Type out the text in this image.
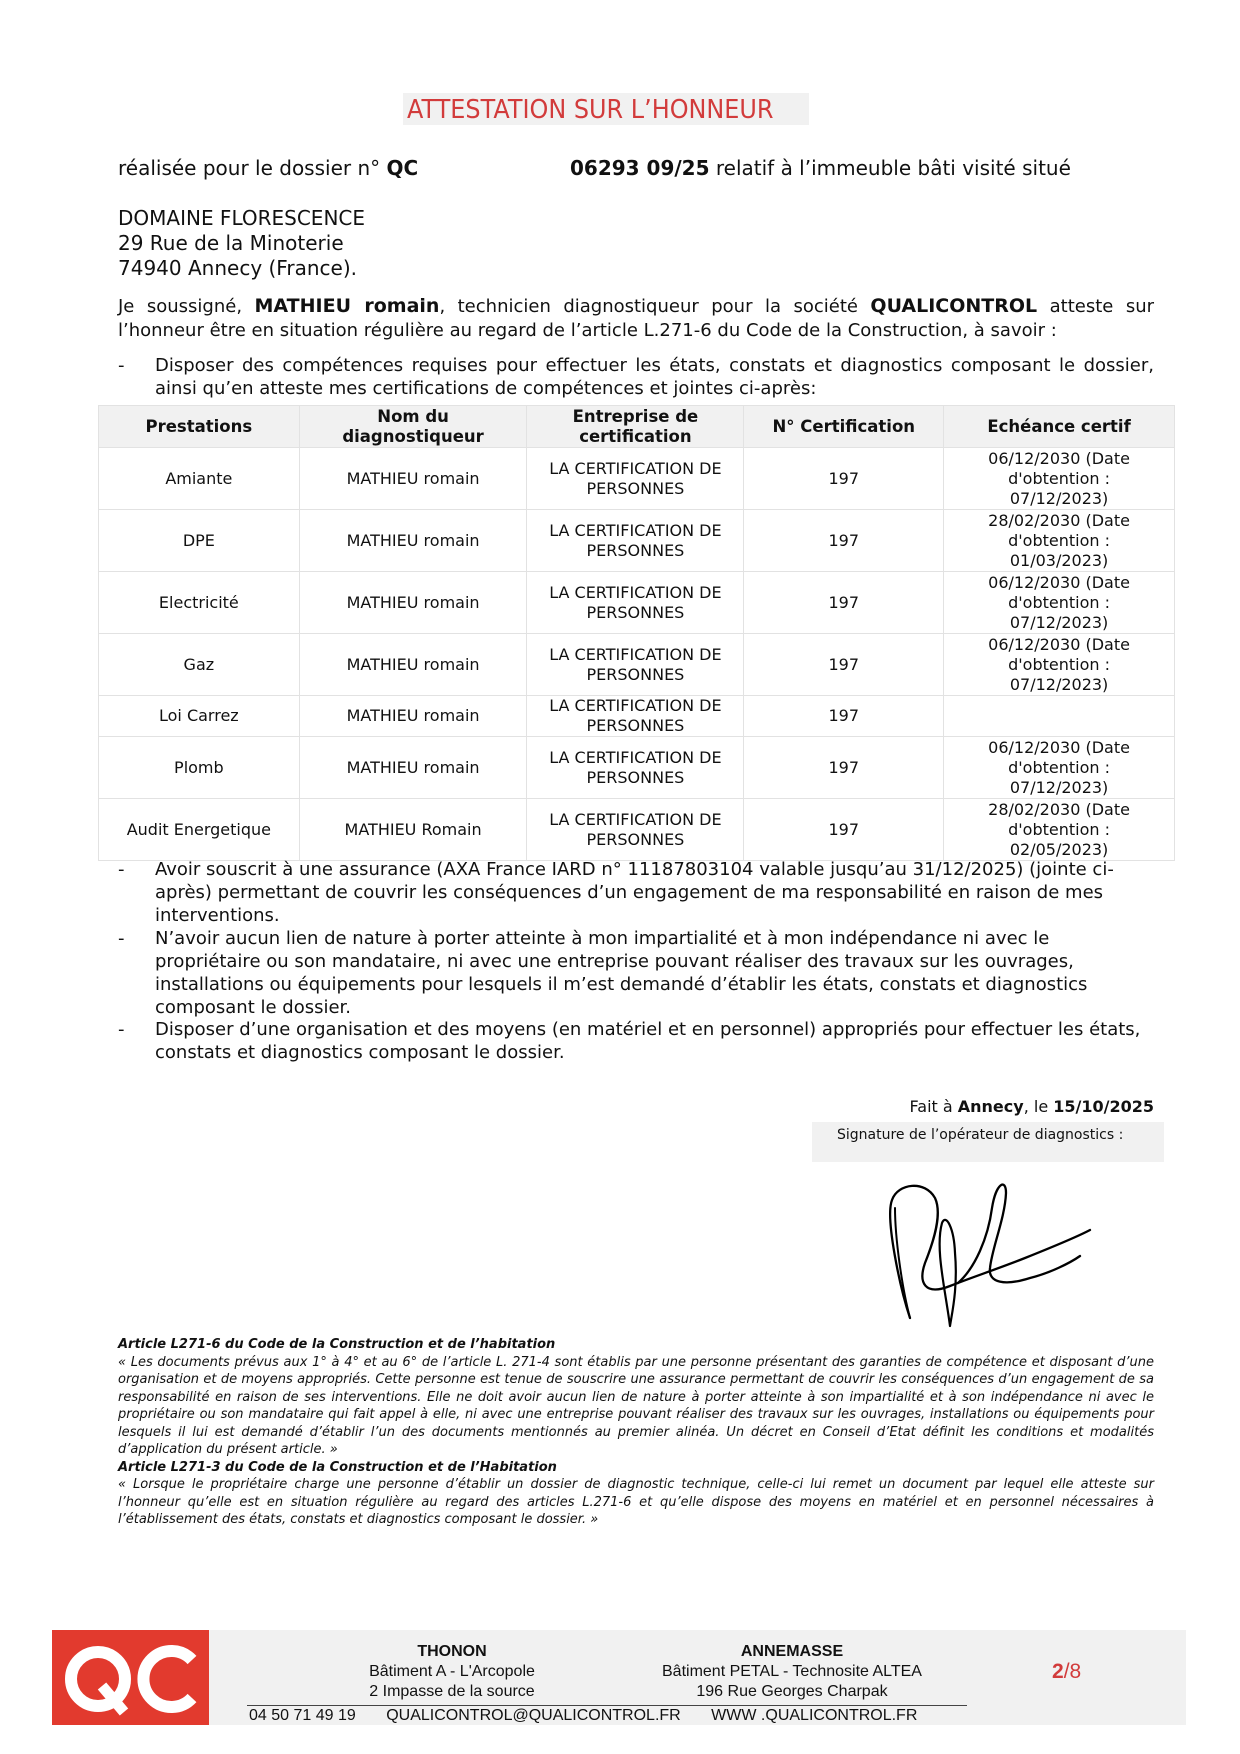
ATTESTATION SUR L’HONNEUR
réalisée pour le dossier n° QC	06293 09/25 relatif à l’immeuble bâti visité situé
DOMAINE FLORESCENCE
29 Rue de la Minoterie
74940 Annecy (France).

Je soussigné, MATHIEU romain, technicien diagnostiqueur pour la société QUALICONTROL atteste sur l’honneur être en situation régulière au regard de l’article L.271-6 du Code de la Construction, à savoir :

- Disposer des compétences requises pour effectuer les états, constats et diagnostics composant le dossier, ainsi qu’en atteste mes certifications de compétences et jointes ci-après:
Prestations	Nom du diagnostiqueur	Entreprise de certification	N° Certification	Echéance certif
Amiante	MATHIEU romain	LA CERTIFICATION DE PERSONNES	197	06/12/2030 (Date d'obtention : 07/12/2023)
DPE	MATHIEU romain	LA CERTIFICATION DE PERSONNES	197	28/02/2030 (Date d'obtention : 01/03/2023)
Electricité	MATHIEU romain	LA CERTIFICATION DE PERSONNES	197	06/12/2030 (Date d'obtention : 07/12/2023)
Gaz	MATHIEU romain	LA CERTIFICATION DE PERSONNES	197	06/12/2030 (Date d'obtention : 07/12/2023)
Loi Carrez	MATHIEU romain	LA CERTIFICATION DE PERSONNES	197	
Plomb	MATHIEU romain	LA CERTIFICATION DE PERSONNES	197	06/12/2030 (Date d'obtention : 07/12/2023)
Audit Energetique	MATHIEU Romain	LA CERTIFICATION DE PERSONNES	197	28/02/2030 (Date d'obtention : 02/05/2023)
- Avoir souscrit à une assurance (AXA France IARD n° 11187803104 valable jusqu’au 31/12/2025) (jointe ci-après) permettant de couvrir les conséquences d’un engagement de ma responsabilité en raison de mes interventions.
- N’avoir aucun lien de nature à porter atteinte à mon impartialité et à mon indépendance ni avec le propriétaire ou son mandataire, ni avec une entreprise pouvant réaliser des travaux sur les ouvrages, installations ou équipements pour lesquels il m’est demandé d’établir les états, constats et diagnostics composant le dossier.
- Disposer d’une organisation et des moyens (en matériel et en personnel) appropriés pour effectuer les états, constats et diagnostics composant le dossier.
Fait à Annecy, le 15/10/2025
Signature de l’opérateur de diagnostics :
Article L271-6 du Code de la Construction et de l’habitation
« Les documents prévus aux 1° à 4° et au 6° de l’article L. 271-4 sont établis par une personne présentant des garanties de compétence et disposant d’une organisation et de moyens appropriés. Cette personne est tenue de souscrire une assurance permettant de couvrir les conséquences d’un engagement de sa responsabilité en raison de ses interventions. Elle ne doit avoir aucun lien de nature à porter atteinte à son impartialité et à son indépendance ni avec le propriétaire ou son mandataire qui fait appel à elle, ni avec une entreprise pouvant réaliser des travaux sur les ouvrages, installations ou équipements pour lesquels il lui est demandé d’établir l’un des documents mentionnés au premier alinéa. Un décret en Conseil d’Etat définit les conditions et modalités d’application du présent article. »
Article L271-3 du Code de la Construction et de l’Habitation
« Lorsque le propriétaire charge une personne d’établir un dossier de diagnostic technique, celle-ci lui remet un document par lequel elle atteste sur l’honneur qu’elle est en situation régulière au regard des articles L.271-6 et qu’elle dispose des moyens en matériel et en personnel nécessaires à l’établissement des états, constats et diagnostics composant le dossier. »
THONON
Bâtiment A - L'Arcopole
2 Impasse de la source
ANNEMASSE
Bâtiment PETAL - Technosite ALTEA
196 Rue Georges Charpak
04 50 71 49 19 QUALICONTROL@QUALICONTROL.FR WWW .QUALICONTROL.FR
2/8
